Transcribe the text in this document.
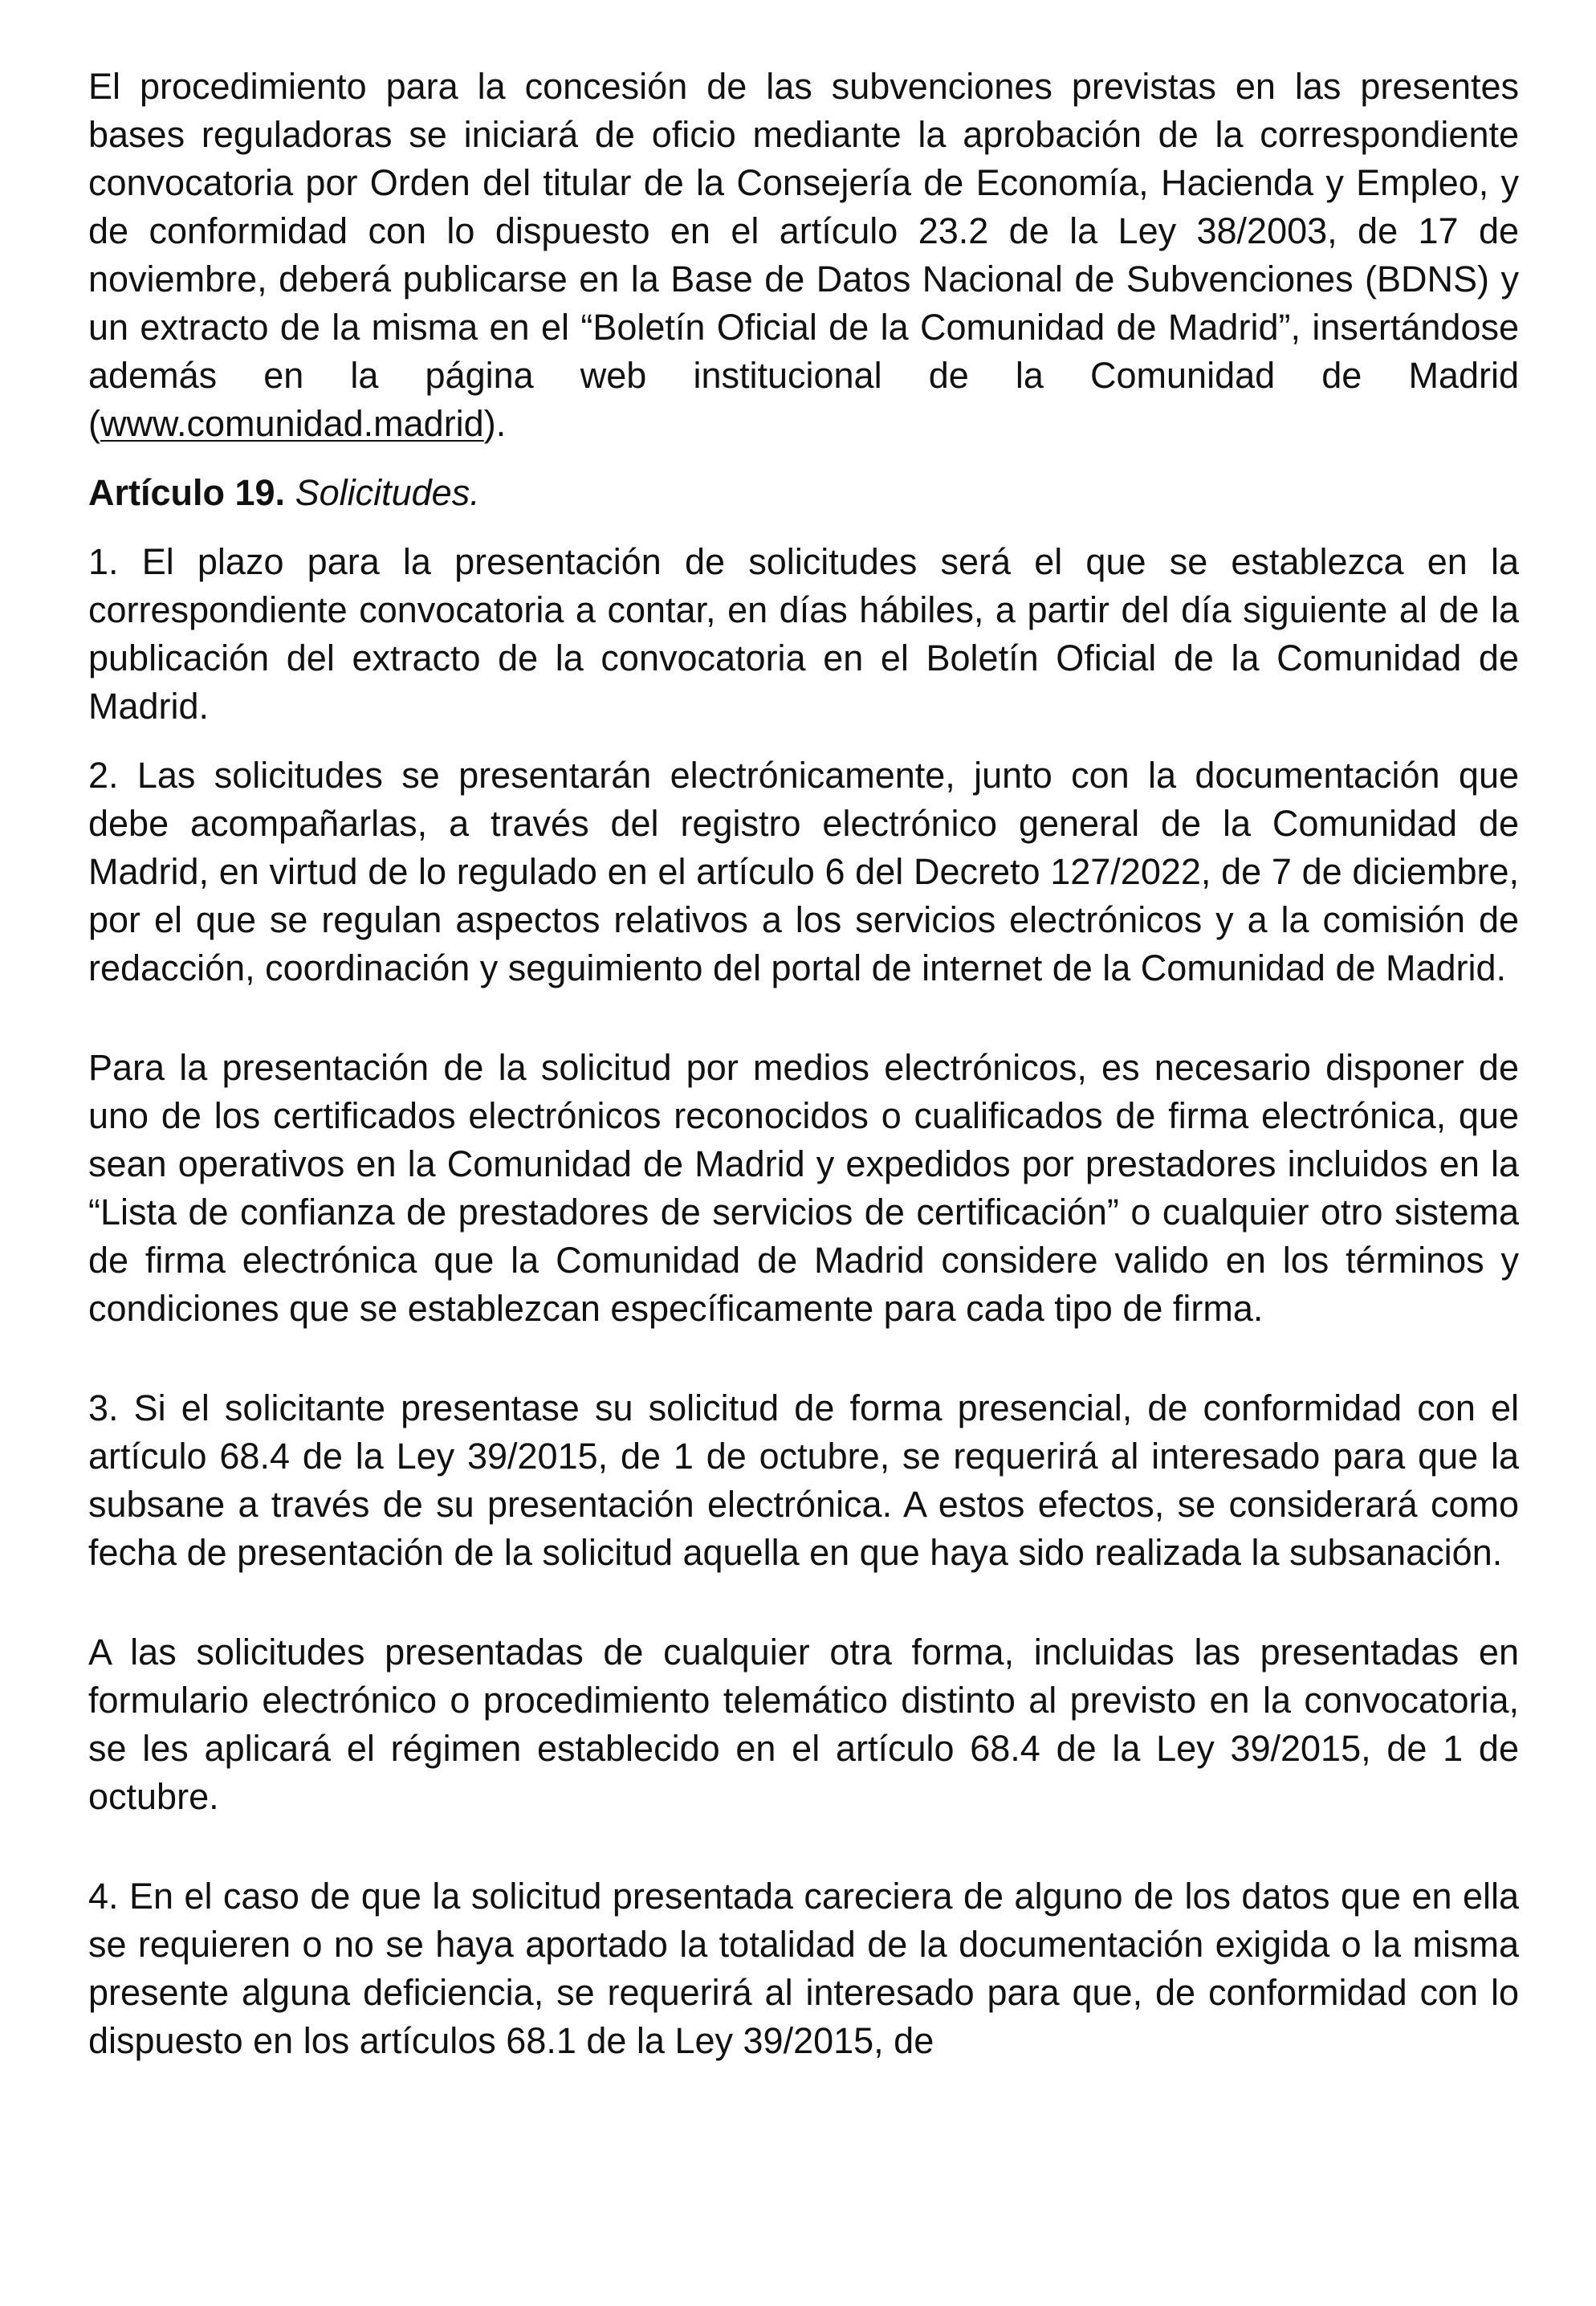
El procedimiento para la concesión de las subvenciones previstas en las presentes bases reguladoras se iniciará de oficio mediante la aprobación de la correspondiente convocatoria por Orden del titular de la Consejería de Economía, Hacienda y Empleo, y de conformidad con lo dispuesto en el artículo 23.2 de la Ley 38/2003, de 17 de noviembre, deberá publicarse en la Base de Datos Nacional de Subvenciones (BDNS) y un extracto de la misma en el “Boletín Oficial de la Comunidad de Madrid”, insertándose además en la página web institucional de la Comunidad de Madrid (www.comunidad.madrid).

Artículo 19. Solicitudes.

1. El plazo para la presentación de solicitudes será el que se establezca en la correspondiente convocatoria a contar, en días hábiles, a partir del día siguiente al de la publicación del extracto de la convocatoria en el Boletín Oficial de la Comunidad de Madrid.

2. Las solicitudes se presentarán electrónicamente, junto con la documentación que debe acompañarlas, a través del registro electrónico general de la Comunidad de Madrid, en virtud de lo regulado en el artículo 6 del Decreto 127/2022, de 7 de diciembre, por el que se regulan aspectos relativos a los servicios electrónicos y a la comisión de redacción, coordinación y seguimiento del portal de internet de la Comunidad de Madrid.

Para la presentación de la solicitud por medios electrónicos, es necesario disponer de uno de los certificados electrónicos reconocidos o cualificados de firma electrónica, que sean operativos en la Comunidad de Madrid y expedidos por prestadores incluidos en la “Lista de confianza de prestadores de servicios de certificación” o cualquier otro sistema de firma electrónica que la Comunidad de Madrid considere valido en los términos y condiciones que se establezcan específicamente para cada tipo de firma.

3. Si el solicitante presentase su solicitud de forma presencial, de conformidad con el artículo 68.4 de la Ley 39/2015, de 1 de octubre, se requerirá al interesado para que la subsane a través de su presentación electrónica. A estos efectos, se considerará como fecha de presentación de la solicitud aquella en que haya sido realizada la subsanación.

A las solicitudes presentadas de cualquier otra forma, incluidas las presentadas en formulario electrónico o procedimiento telemático distinto al previsto en la convocatoria, se les aplicará el régimen establecido en el artículo 68.4 de la Ley 39/2015, de 1 de octubre.

4. En el caso de que la solicitud presentada careciera de alguno de los datos que en ella se requieren o no se haya aportado la totalidad de la documentación exigida o la misma presente alguna deficiencia, se requerirá al interesado para que, de conformidad con lo dispuesto en los artículos 68.1 de la Ley 39/2015, de
